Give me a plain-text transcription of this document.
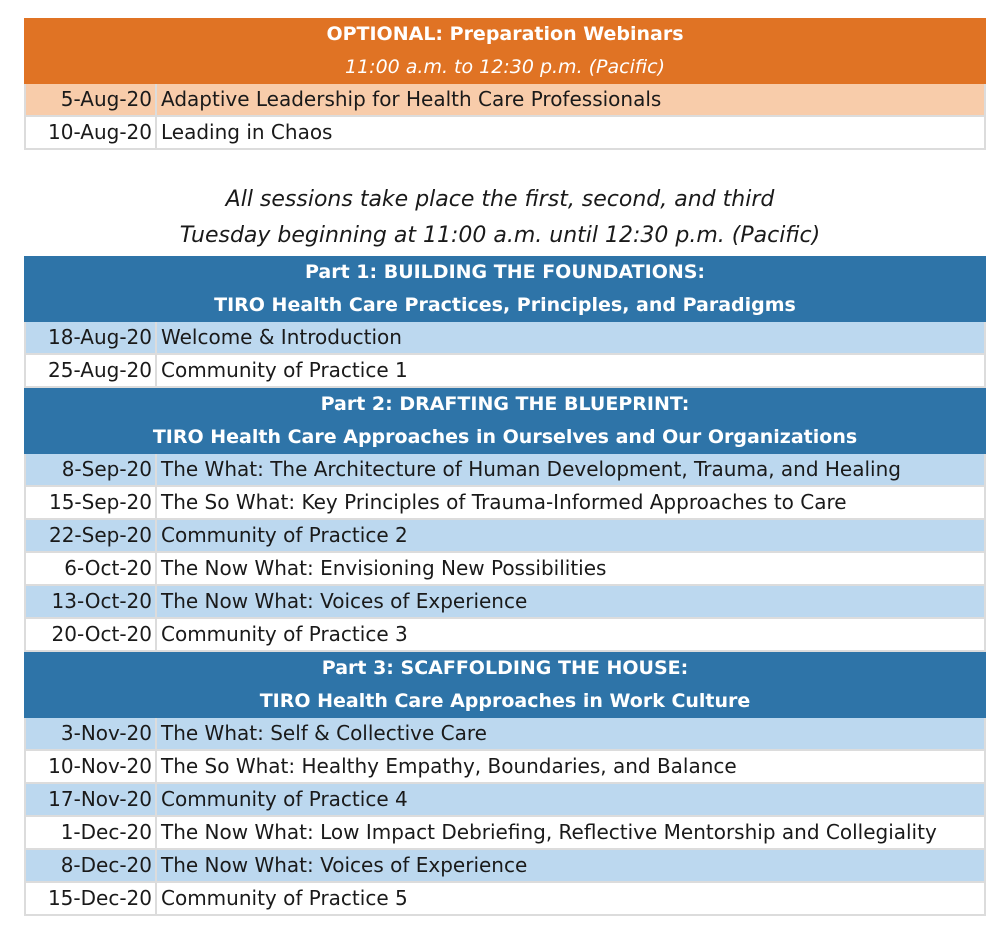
OPTIONAL: Preparation Webinars
11:00 a.m. to 12:30 p.m. (Pacific)
5-Aug-20 Adaptive Leadership for Health Care Professionals
10-Aug-20 Leading in Chaos
All sessions take place the first, second, and third
Tuesday beginning at 11:00 a.m. until 12:30 p.m. (Pacific)
Part 1: BUILDING THE FOUNDATIONS:
TIRO Health Care Practices, Principles, and Paradigms
18-Aug-20 Welcome & Introduction
25-Aug-20 Community of Practice 1
Part 2: DRAFTING THE BLUEPRINT:
TIRO Health Care Approaches in Ourselves and Our Organizations
8-Sep-20 The What: The Architecture of Human Development, Trauma, and Healing
15-Sep-20 The So What: Key Principles of Trauma-Informed Approaches to Care
22-Sep-20 Community of Practice 2
6-Oct-20 The Now What: Envisioning New Possibilities
13-Oct-20 The Now What: Voices of Experience
20-Oct-20 Community of Practice 3
Part 3: SCAFFOLDING THE HOUSE:
TIRO Health Care Approaches in Work Culture
3-Nov-20 The What: Self & Collective Care
10-Nov-20 The So What: Healthy Empathy, Boundaries, and Balance
17-Nov-20 Community of Practice 4
1-Dec-20 The Now What: Low Impact Debriefing, Reflective Mentorship and Collegiality
8-Dec-20 The Now What: Voices of Experience
15-Dec-20 Community of Practice 5
